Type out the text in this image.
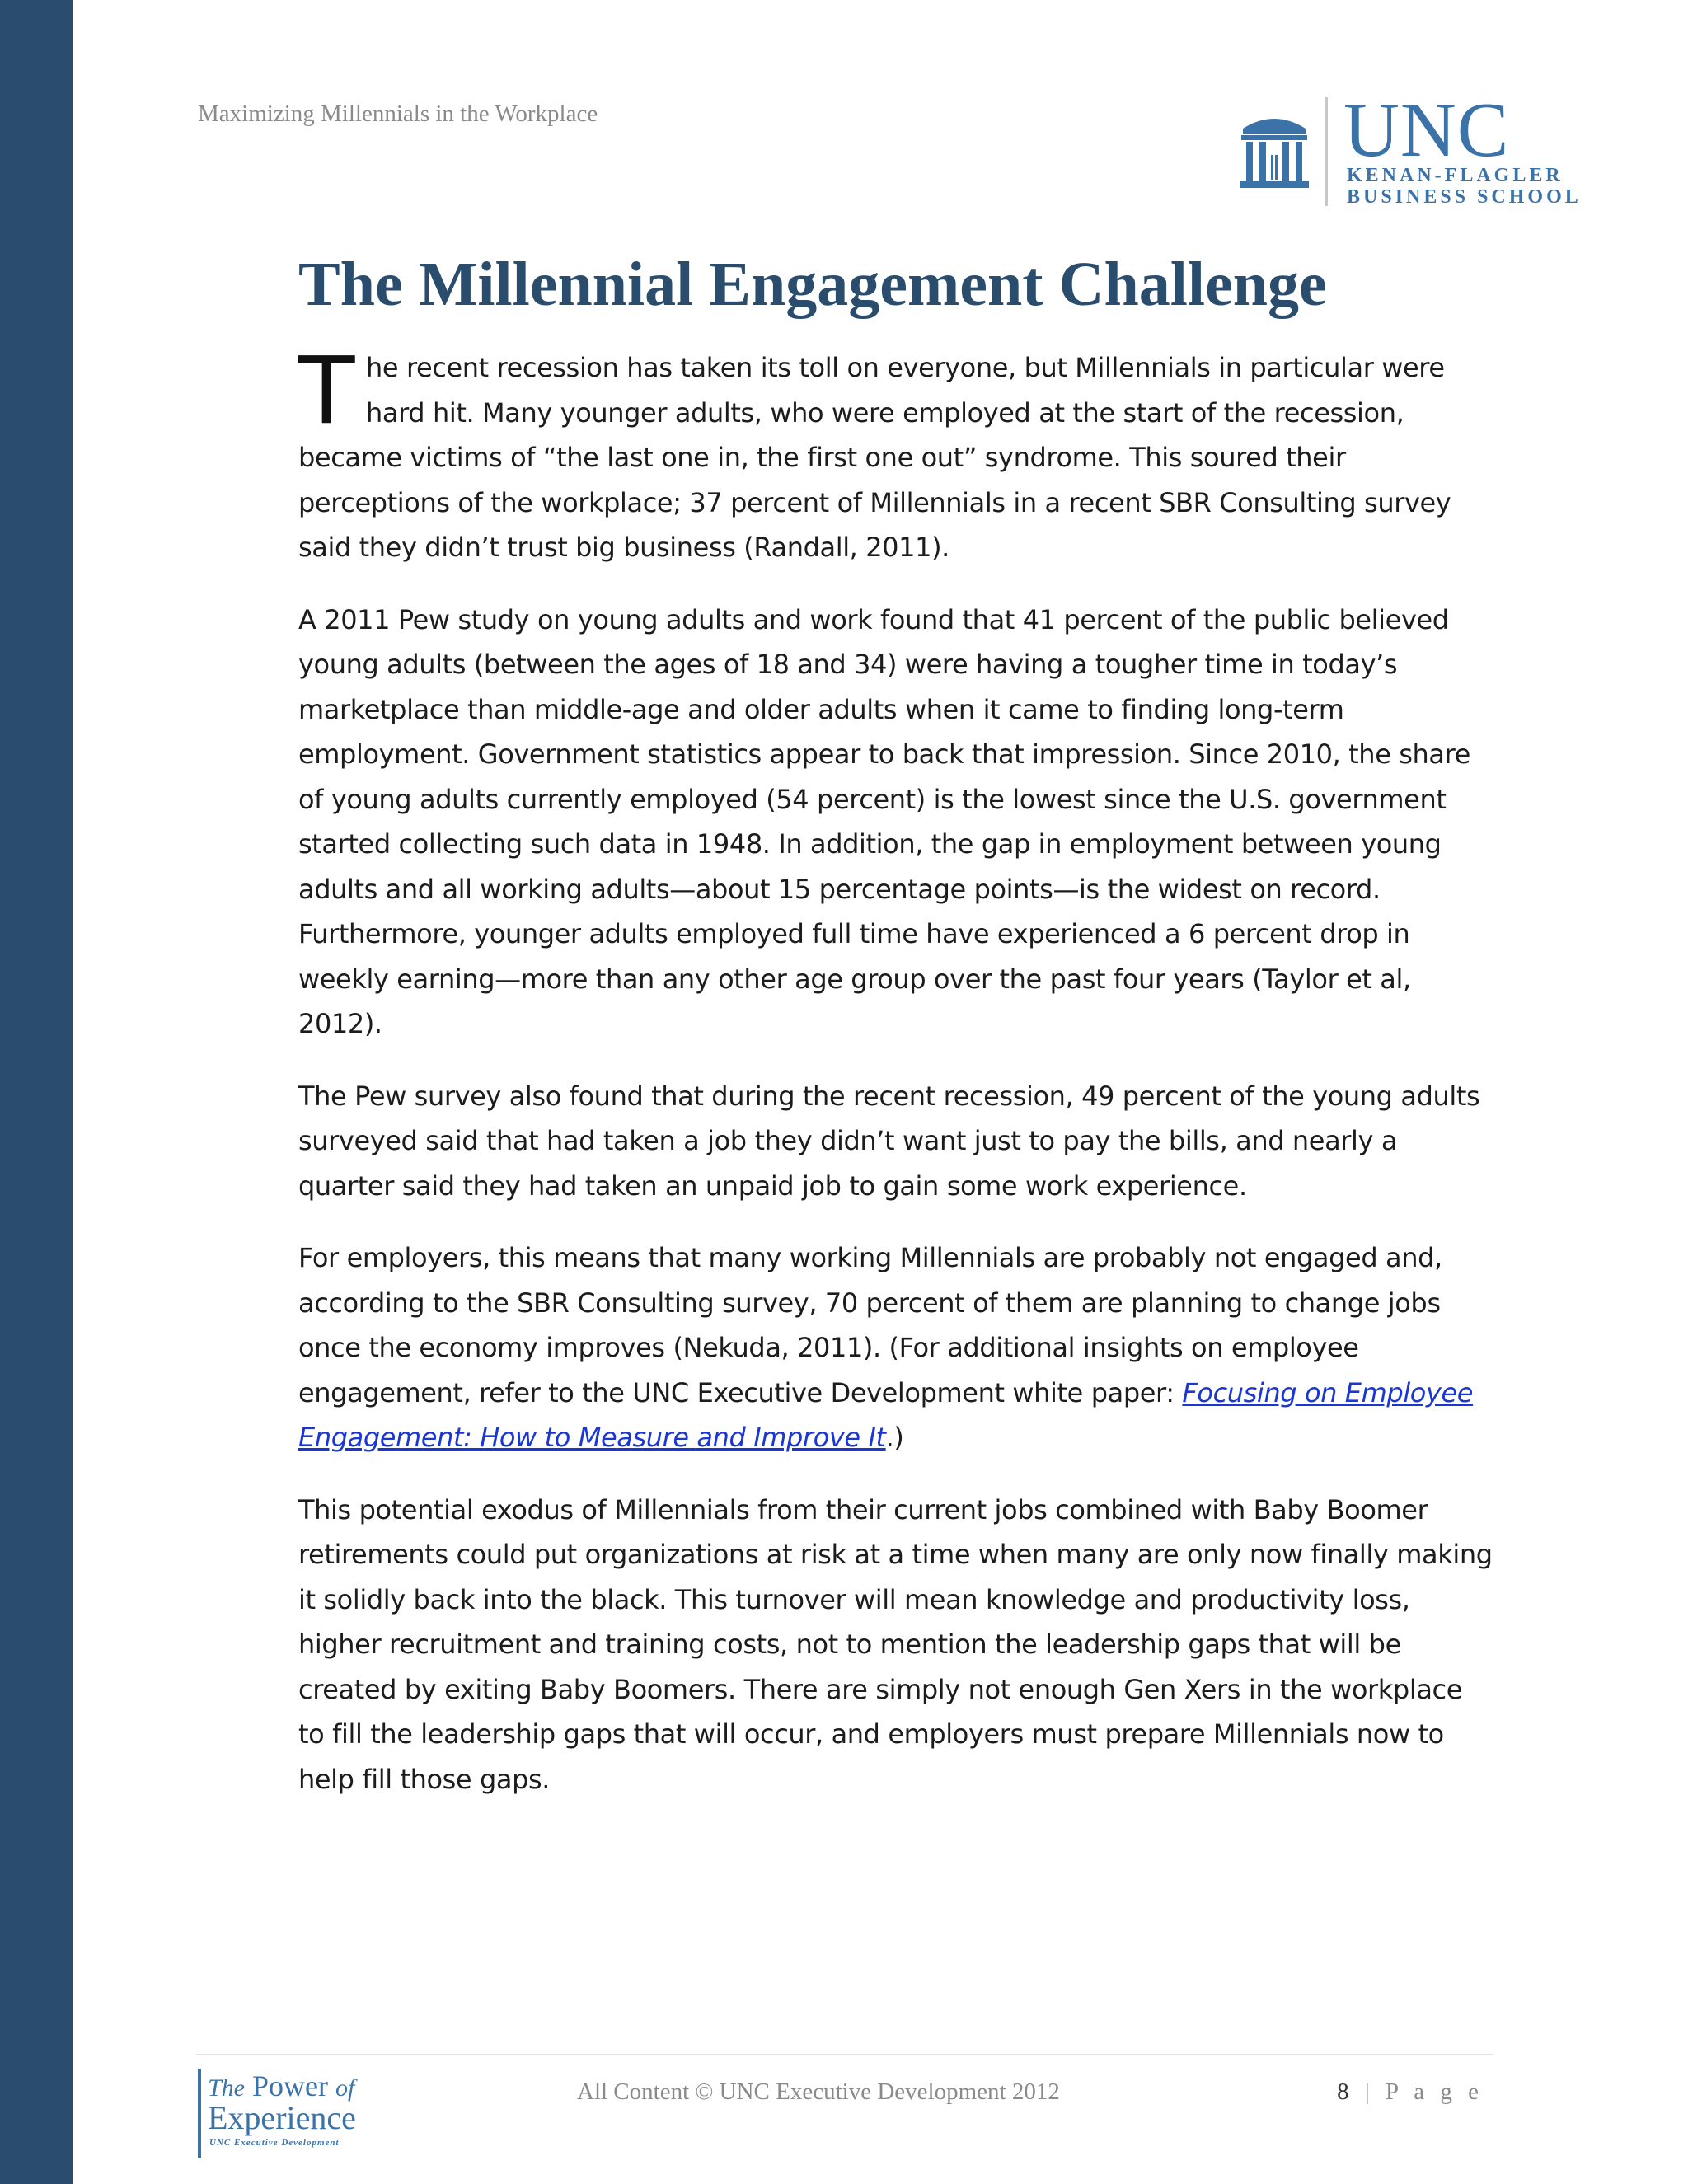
Maximizing Millennials in the Workplace	UNC
KENAN-FLAGLER
BUSINESS SCHOOL
The Millennial Engagement Challenge

The recent recession has taken its toll on everyone, but Millennials in particular were hard hit. Many younger adults, who were employed at the start of the recession, became victims of “the last one in, the first one out” syndrome. This soured their perceptions of the workplace; 37 percent of Millennials in a recent SBR Consulting survey said they didn’t trust big business (Randall, 2011).

A 2011 Pew study on young adults and work found that 41 percent of the public believed young adults (between the ages of 18 and 34) were having a tougher time in today’s marketplace than middle-age and older adults when it came to finding long-term employment. Government statistics appear to back that impression. Since 2010, the share of young adults currently employed (54 percent) is the lowest since the U.S. government started collecting such data in 1948. In addition, the gap in employment between young adults and all working adults—about 15 percentage points—is the widest on record. Furthermore, younger adults employed full time have experienced a 6 percent drop in weekly earning—more than any other age group over the past four years (Taylor et al, 2012).

The Pew survey also found that during the recent recession, 49 percent of the young adults surveyed said that had taken a job they didn’t want just to pay the bills, and nearly a quarter said they had taken an unpaid job to gain some work experience.

For employers, this means that many working Millennials are probably not engaged and, according to the SBR Consulting survey, 70 percent of them are planning to change jobs once the economy improves (Nekuda, 2011). (For additional insights on employee engagement, refer to the UNC Executive Development white paper: Focusing on Employee Engagement: How to Measure and Improve It.)

This potential exodus of Millennials from their current jobs combined with Baby Boomer retirements could put organizations at risk at a time when many are only now finally making it solidly back into the black. This turnover will mean knowledge and productivity loss, higher recruitment and training costs, not to mention the leadership gaps that will be created by exiting Baby Boomers. There are simply not enough Gen Xers in the workplace to fill the leadership gaps that will occur, and employers must prepare Millennials now to help fill those gaps.

The Power of
Experience
UNC Executive Development
All Content © UNC Executive Development 2012	8 | P a g e
